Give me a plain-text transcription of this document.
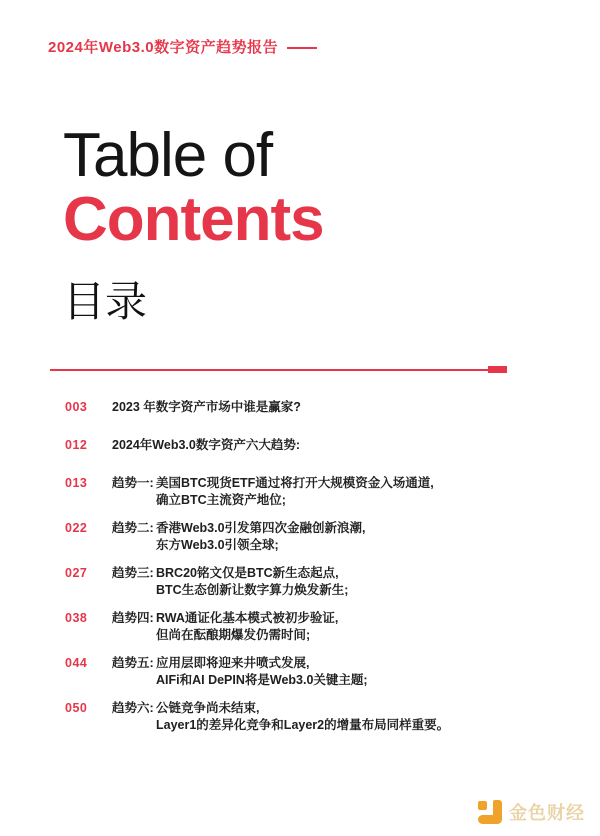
2024年Web3.0数字资产趋势报告
Table of
Contents
目录
003	2023 年数字资产市场中谁是赢家?
012	2024年Web3.0数字资产六大趋势:
013	趋势一: 美国BTC现货ETF通过将打开大规模资金入场通道,
确立BTC主流资产地位;
022	趋势二: 香港Web3.0引发第四次金融创新浪潮,
东方Web3.0引领全球;
027	趋势三: BRC20铭文仅是BTC新生态起点,
BTC生态创新让数字算力焕发新生;
038	趋势四: RWA通证化基本模式被初步验证,
但尚在酝酿期爆发仍需时间;
044	趋势五: 应用层即将迎来井喷式发展,
AIFi和AI DePIN将是Web3.0关键主题;
050	趋势六: 公链竞争尚未结束,
Layer1的差异化竞争和Layer2的增量布局同样重要。
金色财经
